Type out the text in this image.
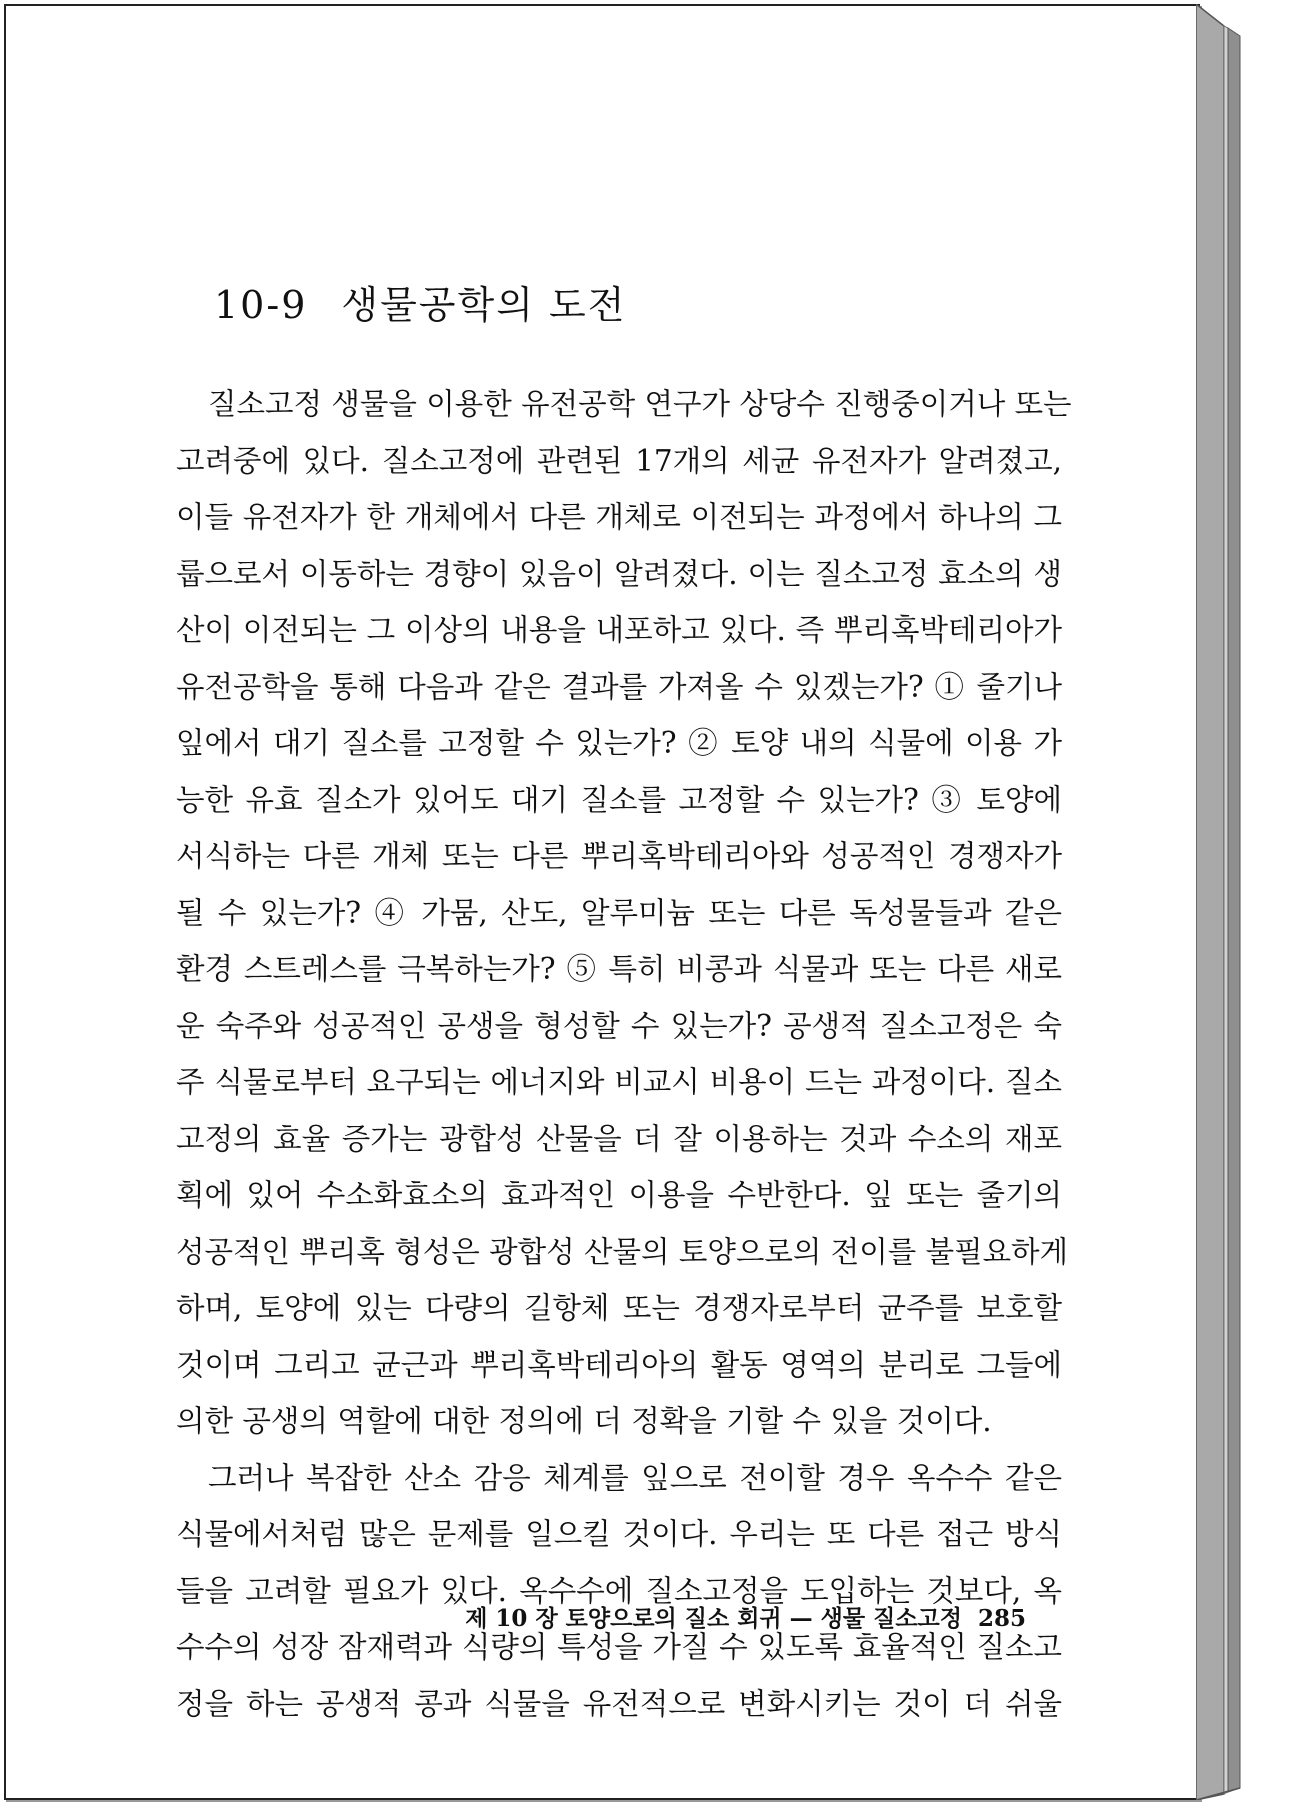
10-9 생물공학의 도전
질소고정 생물을 이용한 유전공학 연구가 상당수 진행중이거나 또는
고려중에 있다. 질소고정에 관련된 17개의 세균 유전자가 알려졌고,
이들 유전자가 한 개체에서 다른 개체로 이전되는 과정에서 하나의 그
룹으로서 이동하는 경향이 있음이 알려졌다. 이는 질소고정 효소의 생
산이 이전되는 그 이상의 내용을 내포하고 있다. 즉 뿌리혹박테리아가
유전공학을 통해 다음과 같은 결과를 가져올 수 있겠는가? ① 줄기나
잎에서 대기 질소를 고정할 수 있는가? ② 토양 내의 식물에 이용 가
능한 유효 질소가 있어도 대기 질소를 고정할 수 있는가? ③ 토양에
서식하는 다른 개체 또는 다른 뿌리혹박테리아와 성공적인 경쟁자가
될 수 있는가? ④ 가뭄, 산도, 알루미늄 또는 다른 독성물들과 같은
환경 스트레스를 극복하는가? ⑤ 특히 비콩과 식물과 또는 다른 새로
운 숙주와 성공적인 공생을 형성할 수 있는가? 공생적 질소고정은 숙
주 식물로부터 요구되는 에너지와 비교시 비용이 드는 과정이다. 질소
고정의 효율 증가는 광합성 산물을 더 잘 이용하는 것과 수소의 재포
획에 있어 수소화효소의 효과적인 이용을 수반한다. 잎 또는 줄기의
성공적인 뿌리혹 형성은 광합성 산물의 토양으로의 전이를 불필요하게
하며, 토양에 있는 다량의 길항체 또는 경쟁자로부터 균주를 보호할
것이며 그리고 균근과 뿌리혹박테리아의 활동 영역의 분리로 그들에
의한 공생의 역할에 대한 정의에 더 정확을 기할 수 있을 것이다.
그러나 복잡한 산소 감응 체계를 잎으로 전이할 경우 옥수수 같은
식물에서처럼 많은 문제를 일으킬 것이다. 우리는 또 다른 접근 방식
들을 고려할 필요가 있다. 옥수수에 질소고정을 도입하는 것보다, 옥
수수의 성장 잠재력과 식량의 특성을 가질 수 있도록 효율적인 질소고
정을 하는 공생적 콩과 식물을 유전적으로 변화시키는 것이 더 쉬울
제 10 장 토양으로의 질소 회귀 — 생물 질소고정 285
